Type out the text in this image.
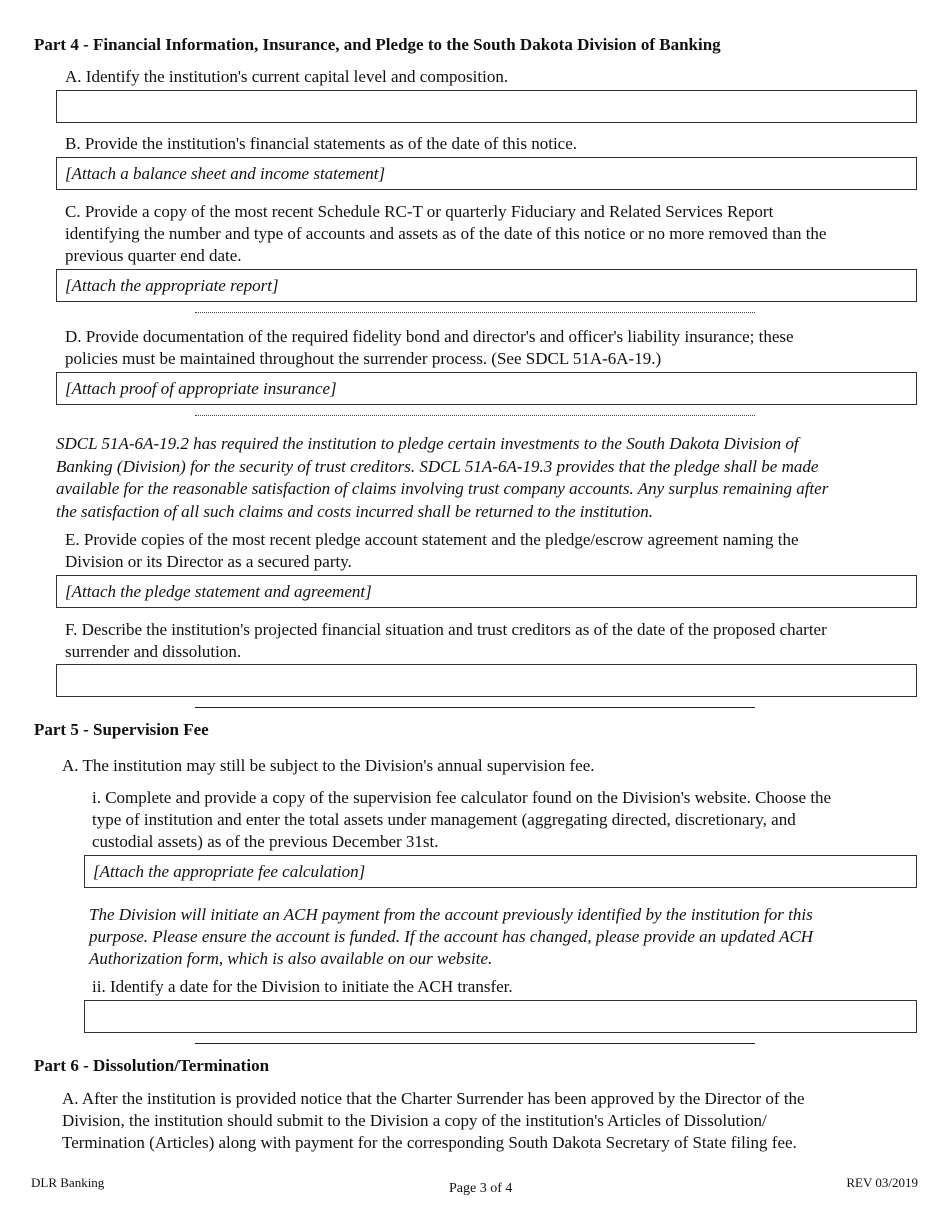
Part 4 - Financial Information, Insurance, and Pledge to the South Dakota Division of Banking
A. Identify the institution's current capital level and composition.
B. Provide the institution's financial statements as of the date of this notice.
[Attach a balance sheet and income statement]
C. Provide a copy of the most recent Schedule RC-T or quarterly Fiduciary and Related Services Report
identifying the number and type of accounts and assets as of the date of this notice or no more removed than the
previous quarter end date.
[Attach the appropriate report]
D. Provide documentation of the required fidelity bond and director's and officer's liability insurance; these
policies must be maintained throughout the surrender process. (See SDCL 51A-6A-19.)
[Attach proof of appropriate insurance]
SDCL 51A-6A-19.2 has required the institution to pledge certain investments to the South Dakota Division of
Banking (Division) for the security of trust creditors. SDCL 51A-6A-19.3 provides that the pledge shall be made
available for the reasonable satisfaction of claims involving trust company accounts. Any surplus remaining after
the satisfaction of all such claims and costs incurred shall be returned to the institution.
E. Provide copies of the most recent pledge account statement and the pledge/escrow agreement naming the
Division or its Director as a secured party.
[Attach the pledge statement and agreement]
F. Describe the institution's projected financial situation and trust creditors as of the date of the proposed charter
surrender and dissolution.
Part 5 - Supervision Fee
A. The institution may still be subject to the Division's annual supervision fee.
i. Complete and provide a copy of the supervision fee calculator found on the Division's website. Choose the
type of institution and enter the total assets under management (aggregating directed, discretionary, and
custodial assets) as of the previous December 31st.
[Attach the appropriate fee calculation]
The Division will initiate an ACH payment from the account previously identified by the institution for this
purpose. Please ensure the account is funded. If the account has changed, please provide an updated ACH
Authorization form, which is also available on our website.
ii. Identify a date for the Division to initiate the ACH transfer.
Part 6 - Dissolution/Termination
A. After the institution is provided notice that the Charter Surrender has been approved by the Director of the
Division, the institution should submit to the Division a copy of the institution's Articles of Dissolution/
Termination (Articles) along with payment for the corresponding South Dakota Secretary of State filing fee.
DLR Banking	Page 3 of 4	REV 03/2019
